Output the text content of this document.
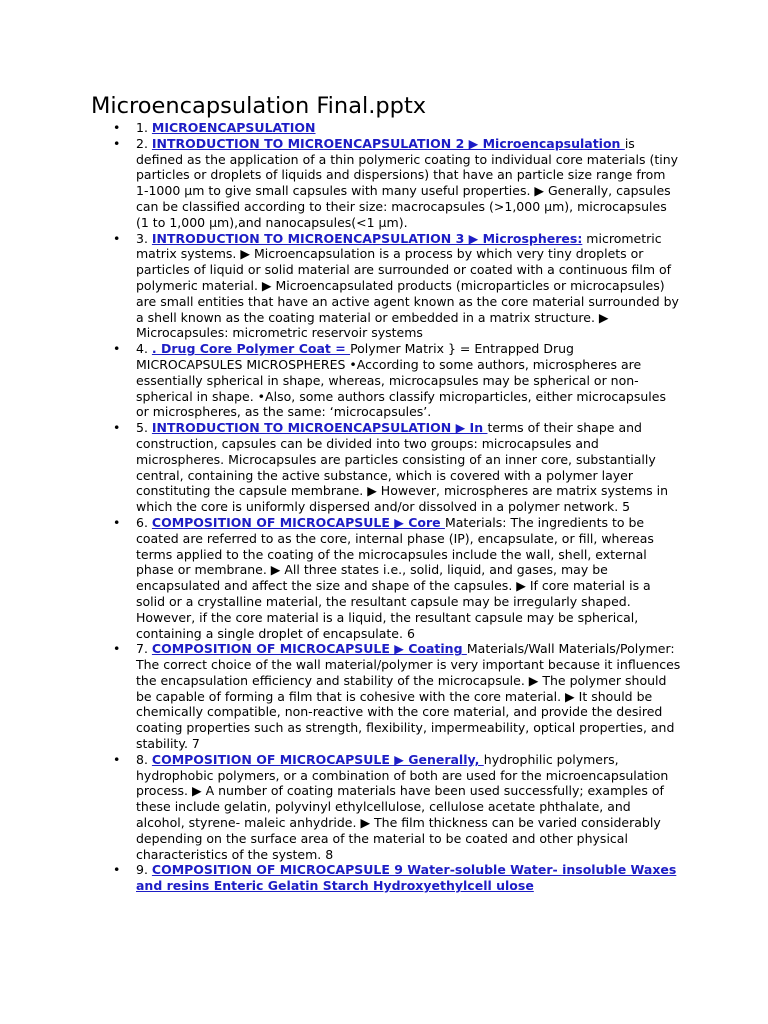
Microencapsulation Final.pptx
• 1. MICROENCAPSULATION
• 2. INTRODUCTION TO MICROENCAPSULATION 2 ▶ Microencapsulation is defined as the application of a thin polymeric coating to individual core materials (tiny particles or droplets of liquids and dispersions) that have an particle size range from 1-1000 µm to give small capsules with many useful properties. ▶ Generally, capsules can be classified according to their size: macrocapsules (>1,000 µm), microcapsules (1 to 1,000 µm),and nanocapsules(<1 µm).
• 3. INTRODUCTION TO MICROENCAPSULATION 3 ▶ Microspheres: micrometric matrix systems. ▶ Microencapsulation is a process by which very tiny droplets or particles of liquid or solid material are surrounded or coated with a continuous film of polymeric material. ▶ Microencapsulated products (microparticles or microcapsules) are small entities that have an active agent known as the core material surrounded by a shell known as the coating material or embedded in a matrix structure. ▶ Microcapsules: micrometric reservoir systems
• 4. . Drug Core Polymer Coat = Polymer Matrix } = Entrapped Drug MICROCAPSULES MICROSPHERES •According to some authors, microspheres are essentially spherical in shape, whereas, microcapsules may be spherical or non-spherical in shape. •Also, some authors classify microparticles, either microcapsules or microspheres, as the same: ‘microcapsules’.
• 5. INTRODUCTION TO MICROENCAPSULATION ▶ In terms of their shape and construction, capsules can be divided into two groups: microcapsules and microspheres. Microcapsules are particles consisting of an inner core, substantially central, containing the active substance, which is covered with a polymer layer constituting the capsule membrane. ▶ However, microspheres are matrix systems in which the core is uniformly dispersed and/or dissolved in a polymer network. 5
• 6. COMPOSITION OF MICROCAPSULE ▶ Core Materials: The ingredients to be coated are referred to as the core, internal phase (IP), encapsulate, or fill, whereas terms applied to the coating of the microcapsules include the wall, shell, external phase or membrane. ▶ All three states i.e., solid, liquid, and gases, may be encapsulated and affect the size and shape of the capsules. ▶ If core material is a solid or a crystalline material, the resultant capsule may be irregularly shaped. However, if the core material is a liquid, the resultant capsule may be spherical, containing a single droplet of encapsulate. 6
• 7. COMPOSITION OF MICROCAPSULE ▶ Coating Materials/Wall Materials/Polymer: The correct choice of the wall material/polymer is very important because it influences the encapsulation efficiency and stability of the microcapsule. ▶ The polymer should be capable of forming a film that is cohesive with the core material. ▶ It should be chemically compatible, non-reactive with the core material, and provide the desired coating properties such as strength, flexibility, impermeability, optical properties, and stability. 7
• 8. COMPOSITION OF MICROCAPSULE ▶ Generally, hydrophilic polymers, hydrophobic polymers, or a combination of both are used for the microencapsulation process. ▶ A number of coating materials have been used successfully; examples of these include gelatin, polyvinyl ethylcellulose, cellulose acetate phthalate, and alcohol, styrene- maleic anhydride. ▶ The film thickness can be varied considerably depending on the surface area of the material to be coated and other physical characteristics of the system. 8
• 9. COMPOSITION OF MICROCAPSULE 9 Water-soluble Water- insoluble Waxes and resins Enteric Gelatin Starch Hydroxyethylcell ulose
